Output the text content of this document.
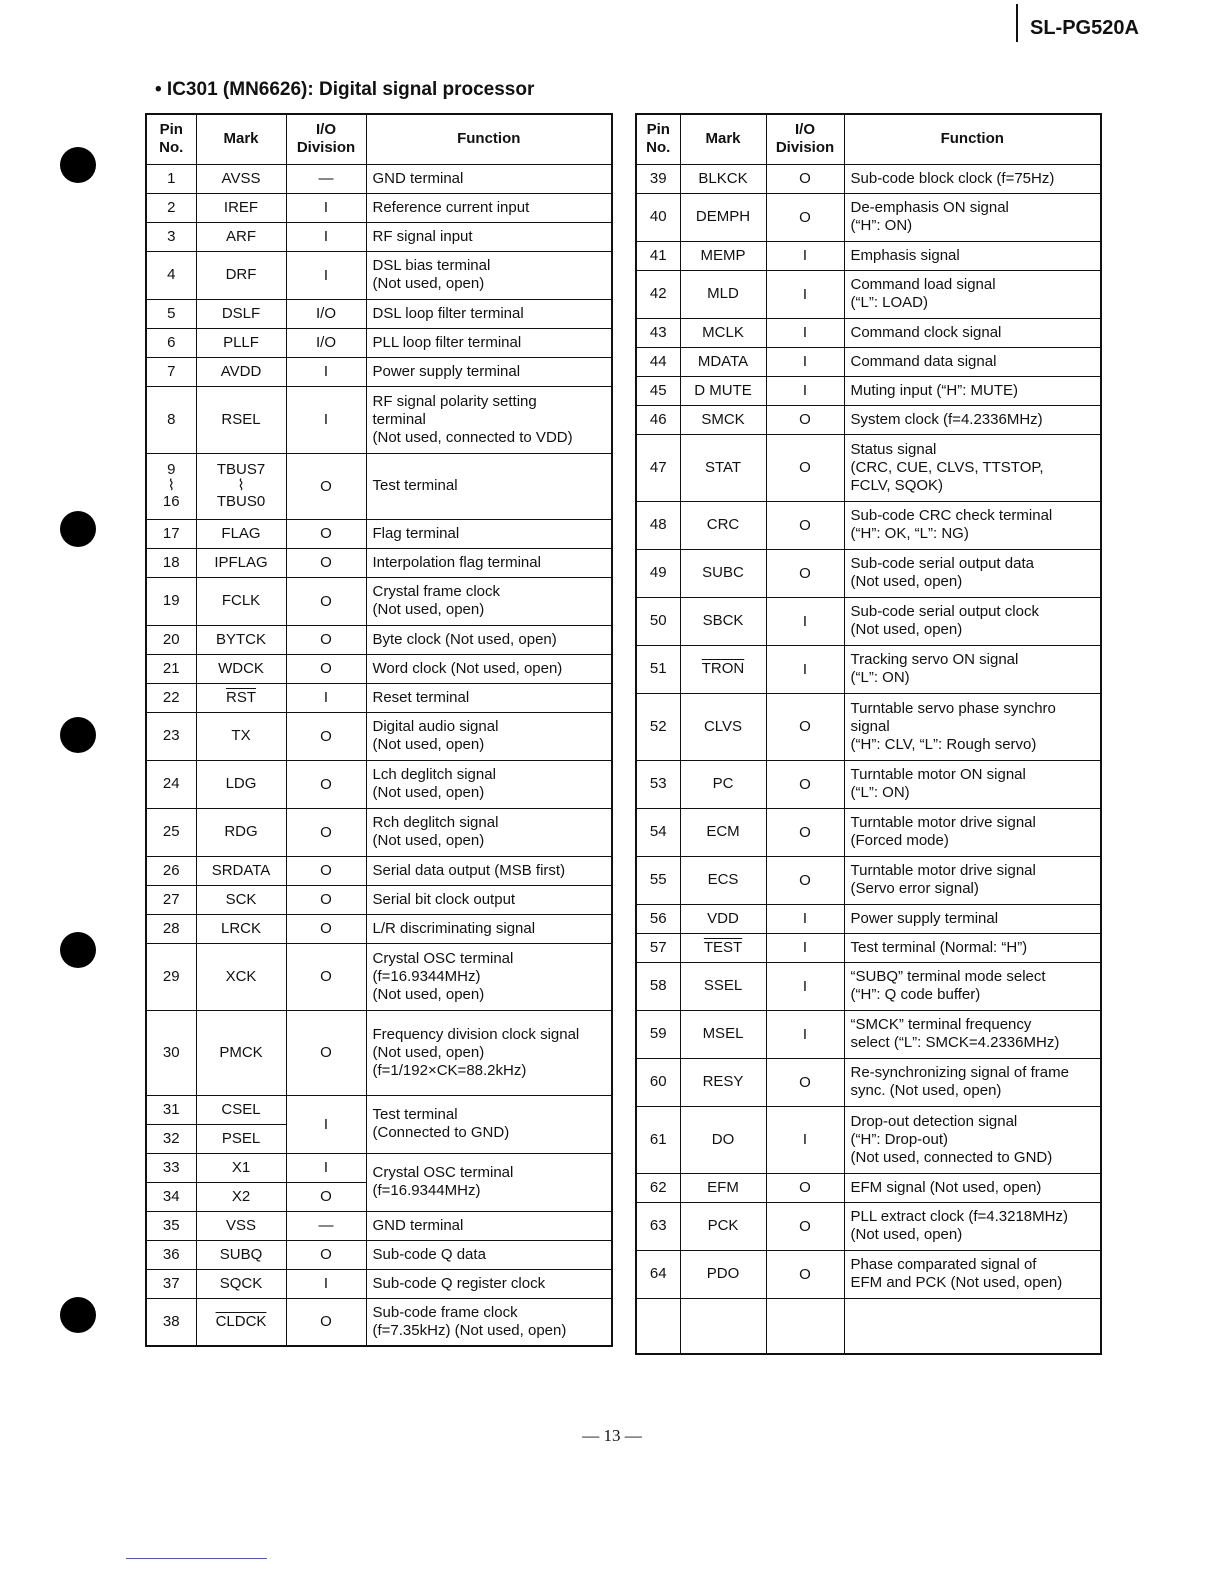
SL-PG520A
• IC301 (MN6626): Digital signal processor
Pin
No.	Mark	I/O
Division	Function
1	AVSS	—	GND terminal
2	IREF	I	Reference current input
3	ARF	I	RF signal input
4	DRF	I	DSL bias terminal
(Not used, open)
5	DSLF	I/O	DSL loop filter terminal
6	PLLF	I/O	PLL loop filter terminal
7	AVDD	I	Power supply terminal
8	RSEL	I	RF signal polarity setting
terminal
(Not used, connected to VDD)
9
⌇
16	TBUS7
⌇
TBUS0	O	Test terminal
17	FLAG	O	Flag terminal
18	IPFLAG	O	Interpolation flag terminal
19	FCLK	O	Crystal frame clock
(Not used, open)
20	BYTCK	O	Byte clock (Not used, open)
21	WDCK	O	Word clock (Not used, open)
22	$\overline{RST}$	I	Reset terminal
23	TX	O	Digital audio signal
(Not used, open)
24	LDG	O	Lch deglitch signal
(Not used, open)
25	RDG	O	Rch deglitch signal
(Not used, open)
26	SRDATA	O	Serial data output (MSB first)
27	SCK	O	Serial bit clock output
28	LRCK	O	L/R discriminating signal
29	XCK	O	Crystal OSC terminal
(f=16.9344MHz)
(Not used, open)
30	PMCK	O	Frequency division clock signal
(Not used, open)
(f=1/192×CK=88.2kHz)
31	CSEL	I	Test terminal
(Connected to GND)
32	PSEL		
33	X1	I	Crystal OSC terminal
(f=16.9344MHz)
34	X2	O	
35	VSS	—	GND terminal
36	SUBQ	O	Sub-code Q data
37	SQCK	I	Sub-code Q register clock
38	CLDCK	O	Sub-code frame clock
(f=7.35kHz) (Not used, open)
Pin
No.	Mark	I/O
Division	Function
39	BLKCK	O	Sub-code block clock (f=75Hz)
40	DEMPH	O	De-emphasis ON signal
(“H”: ON)
41	MEMP	I	Emphasis signal
42	MLD	I	Command load signal
(“L”: LOAD)
43	MCLK	I	Command clock signal
44	MDATA	I	Command data signal
45	D MUTE	I	Muting input (“H”: MUTE)
46	SMCK	O	System clock (f=4.2336MHz)
47	STAT	O	Status signal
(CRC, CUE, CLVS, TTSTOP,
FCLV, SQOK)
48	CRC	O	Sub-code CRC check terminal
(“H”: OK, “L”: NG)
49	SUBC	O	Sub-code serial output data
(Not used, open)
50	SBCK	I	Sub-code serial output clock
(Not used, open)
51	TRON	I	Tracking servo ON signal
(“L”: ON)
52	CLVS	O	Turntable servo phase synchro
signal
(“H”: CLV, “L”: Rough servo)
53	PC	O	Turntable motor ON signal
(“L”: ON)
54	ECM	O	Turntable motor drive signal
(Forced mode)
55	ECS	O	Turntable motor drive signal
(Servo error signal)
56	VDD	I	Power supply terminal
57	TEST	I	Test terminal (Normal: “H”)
58	SSEL	I	“SUBQ” terminal mode select
(“H”: Q code buffer)
59	MSEL	I	“SMCK” terminal frequency
select (“L”: SMCK=4.2336MHz)
60	RESY	O	Re-synchronizing signal of frame
sync. (Not used, open)
61	DO	I	Drop-out detection signal
(“H”: Drop-out)
(Not used, connected to GND)
62	EFM	O	EFM signal (Not used, open)
63	PCK	O	PLL extract clock (f=4.3218MHz)
(Not used, open)
64	PDO	O	Phase comparated signal of
EFM and PCK (Not used, open)

— 13 —
